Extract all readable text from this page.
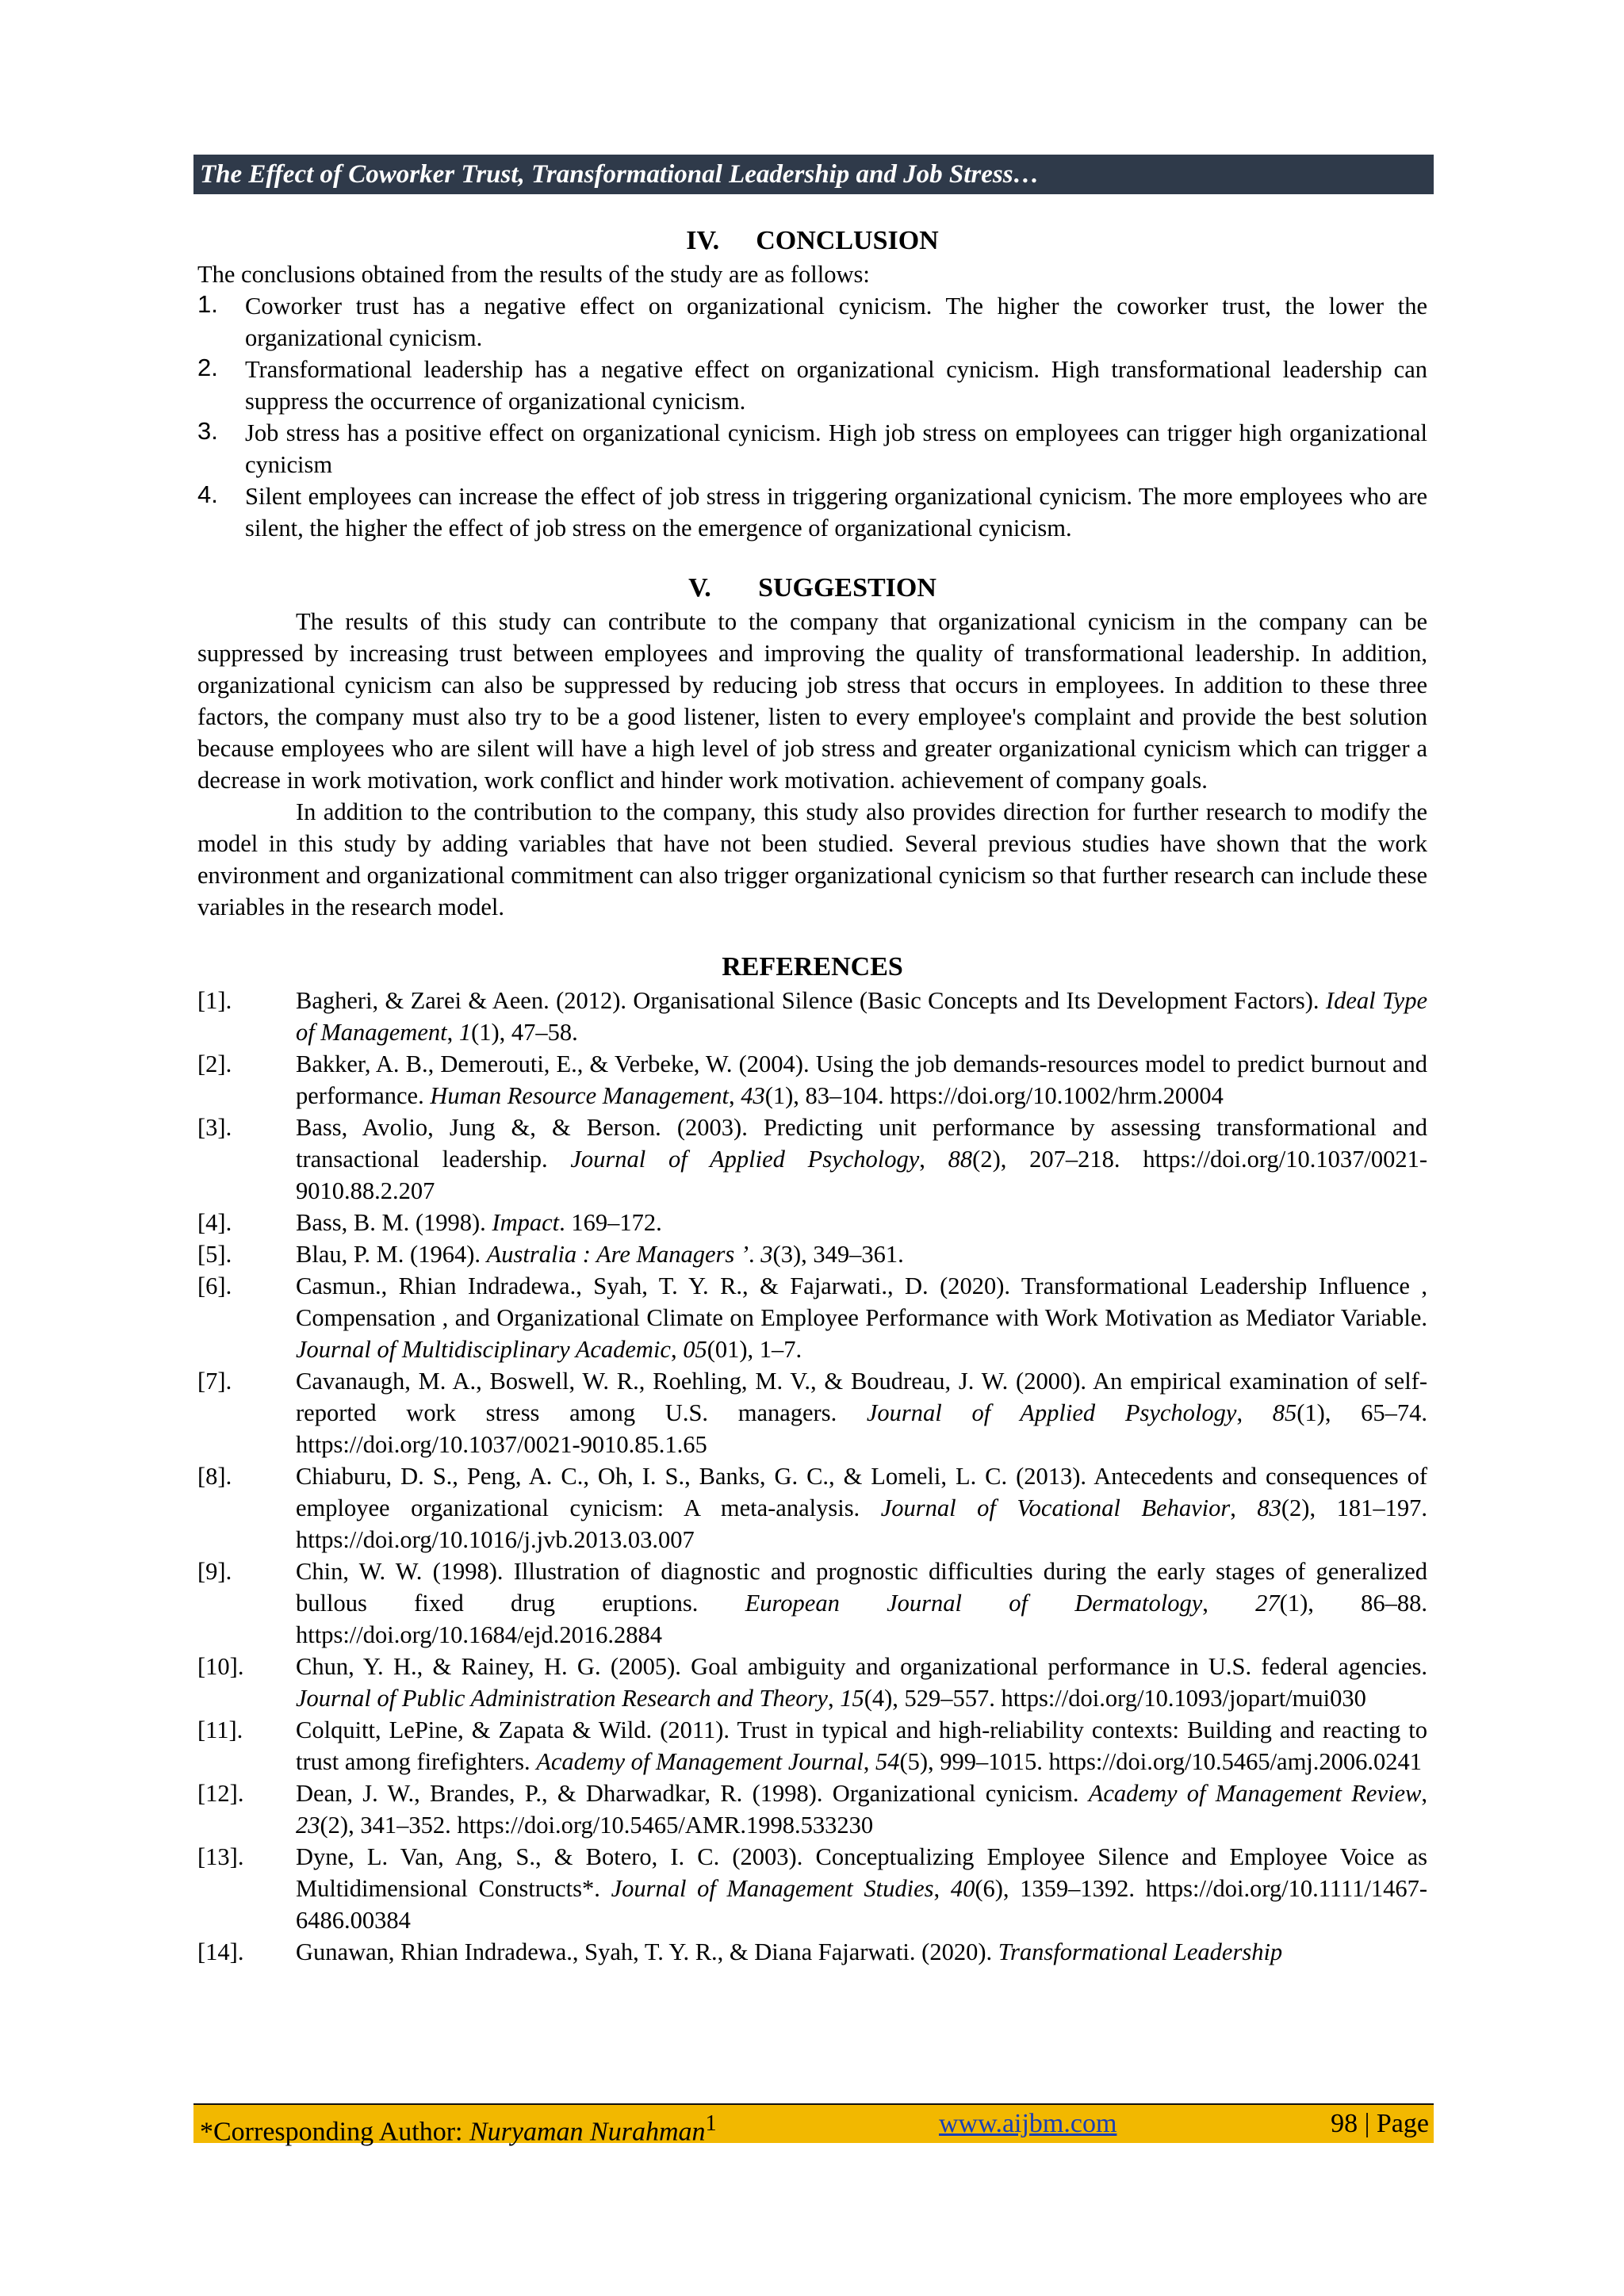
The Effect of Coworker Trust, Transformational Leadership and Job Stress…
IV. CONCLUSION

The conclusions obtained from the results of the study are as follows:

1. Coworker trust has a negative effect on organizational cynicism. The higher the coworker trust, the lower the organizational cynicism.
2. Transformational leadership has a negative effect on organizational cynicism. High transformational leadership can suppress the occurrence of organizational cynicism.
3. Job stress has a positive effect on organizational cynicism. High job stress on employees can trigger high organizational cynicism
4. Silent employees can increase the effect of job stress in triggering organizational cynicism. The more employees who are silent, the higher the effect of job stress on the emergence of organizational cynicism.
V. SUGGESTION

The results of this study can contribute to the company that organizational cynicism in the company can be suppressed by increasing trust between employees and improving the quality of transformational leadership. In addition, organizational cynicism can also be suppressed by reducing job stress that occurs in employees. In addition to these three factors, the company must also try to be a good listener, listen to every employee's complaint and provide the best solution because employees who are silent will have a high level of job stress and greater organizational cynicism which can trigger a decrease in work motivation, work conflict and hinder work motivation. achievement of company goals.

In addition to the contribution to the company, this study also provides direction for further research to modify the model in this study by adding variables that have not been studied. Several previous studies have shown that the work environment and organizational commitment can also trigger organizational cynicism so that further research can include these variables in the research model.

REFERENCES
[1].	Bagheri, & Zarei & Aeen. (2012). Organisational Silence (Basic Concepts and Its Development Factors). Ideal Type of Management, 1(1), 47–58.
[2].	Bakker, A. B., Demerouti, E., & Verbeke, W. (2004). Using the job demands-resources model to predict burnout and performance. Human Resource Management, 43(1), 83–104. https://doi.org/10.1002/hrm.20004
[3].	Bass, Avolio, Jung &, & Berson. (2003). Predicting unit performance by assessing transformational and transactional leadership. Journal of Applied Psychology, 88(2), 207–218. https://doi.org/10.1037/0021-9010.88.2.207
[4].	Bass, B. M. (1998). Impact. 169–172.
[5].	Blau, P. M. (1964). Australia : Are Managers ’. 3(3), 349–361.
[6].	Casmun., Rhian Indradewa., Syah, T. Y. R., & Fajarwati., D. (2020). Transformational Leadership Influence , Compensation , and Organizational Climate on Employee Performance with Work Motivation as Mediator Variable. Journal of Multidisciplinary Academic, 05(01), 1–7.
[7].	Cavanaugh, M. A., Boswell, W. R., Roehling, M. V., & Boudreau, J. W. (2000). An empirical examination of self-reported work stress among U.S. managers. Journal of Applied Psychology, 85(1), 65–74. https://doi.org/10.1037/0021-9010.85.1.65
[8].	Chiaburu, D. S., Peng, A. C., Oh, I. S., Banks, G. C., & Lomeli, L. C. (2013). Antecedents and consequences of employee organizational cynicism: A meta-analysis. Journal of Vocational Behavior, 83(2), 181–197. https://doi.org/10.1016/j.jvb.2013.03.007
[9].	Chin, W. W. (1998). Illustration of diagnostic and prognostic difficulties during the early stages of generalized bullous fixed drug eruptions. European Journal of Dermatology, 27(1), 86–88. https://doi.org/10.1684/ejd.2016.2884
[10]. Chun, Y. H., & Rainey, H. G. (2005). Goal ambiguity and organizational performance in U.S. federal agencies. Journal of Public Administration Research and Theory, 15(4), 529–557. https://doi.org/10.1093/jopart/mui030
[11]. Colquitt, LePine, & Zapata & Wild. (2011). Trust in typical and high-reliability contexts: Building and reacting to trust among firefighters. Academy of Management Journal, 54(5), 999–1015. https://doi.org/10.5465/amj.2006.0241
[12]. Dean, J. W., Brandes, P., & Dharwadkar, R. (1998). Organizational cynicism. Academy of Management Review, 23(2), 341–352. https://doi.org/10.5465/AMR.1998.533230
[13]. Dyne, L. Van, Ang, S., & Botero, I. C. (2003). Conceptualizing Employee Silence and Employee Voice as Multidimensional Constructs*. Journal of Management Studies, 40(6), 1359–1392. https://doi.org/10.1111/1467-6486.00384
[14]. Gunawan, Rhian Indradewa., Syah, T. Y. R., & Diana Fajarwati. (2020). Transformational Leadership
*Corresponding Author: Nuryaman Nurahman$^1$	www.aijbm.com	98 | Page
